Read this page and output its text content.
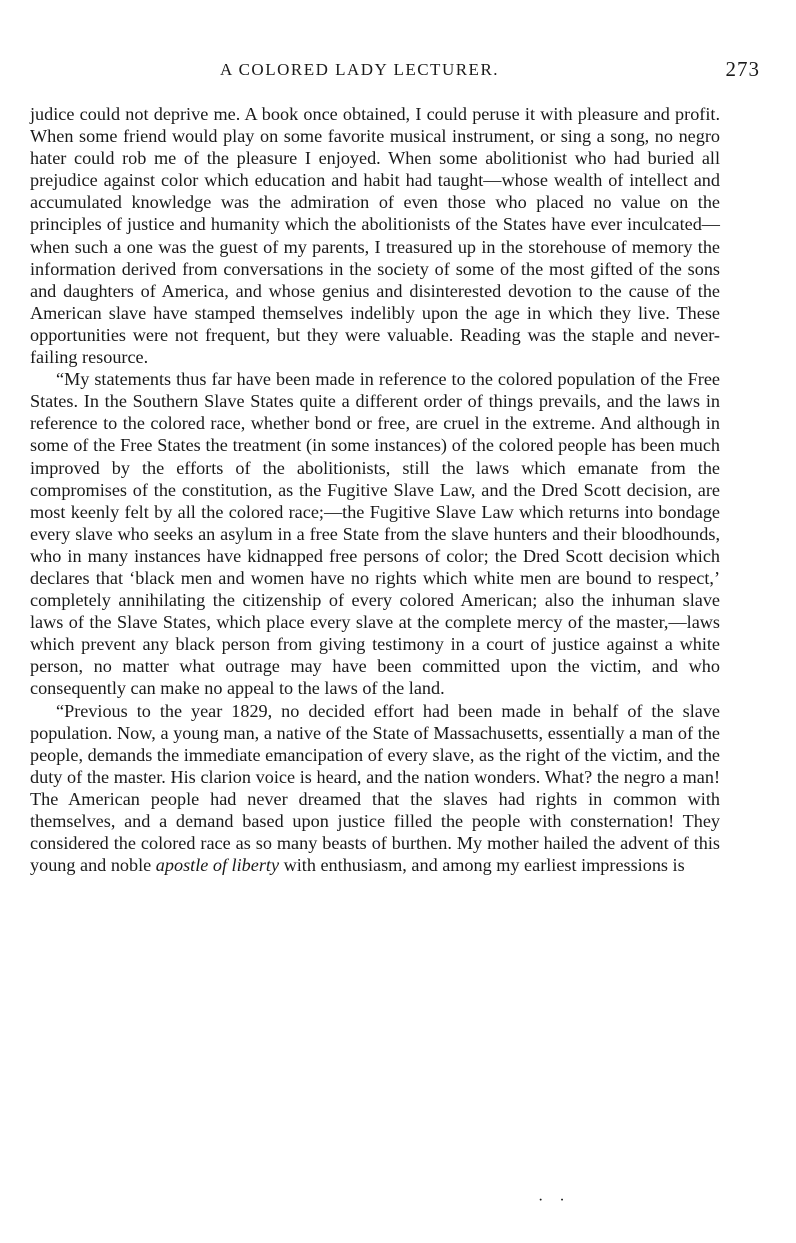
A COLORED LADY LECTURER.	273

judice could not deprive me. A book once obtained, I could peruse it with pleasure and profit. When some friend would play on some favorite musical instrument, or sing a song, no negro hater could rob me of the pleasure I enjoyed. When some abolitionist who had buried all prejudice against color which education and habit had taught—whose wealth of intellect and accumulated knowledge was the admiration of even those who placed no value on the principles of justice and humanity which the abolitionists of the States have ever inculcated—when such a one was the guest of my parents, I treasured up in the storehouse of memory the information derived from conversations in the society of some of the most gifted of the sons and daughters of America, and whose genius and disinterested devotion to the cause of the American slave have stamped themselves indelibly upon the age in which they live. These opportunities were not frequent, but they were valuable. Reading was the staple and never-failing resource.

“My statements thus far have been made in reference to the colored population of the Free States. In the Southern Slave States quite a different order of things prevails, and the laws in reference to the colored race, whether bond or free, are cruel in the extreme. And although in some of the Free States the treatment (in some instances) of the colored people has been much improved by the efforts of the abolitionists, still the laws which emanate from the compromises of the constitution, as the Fugitive Slave Law, and the Dred Scott decision, are most keenly felt by all the colored race;—the Fugitive Slave Law which returns into bondage every slave who seeks an asylum in a free State from the slave hunters and their bloodhounds, who in many instances have kidnapped free persons of color; the Dred Scott decision which declares that ‘black men and women have no rights which white men are bound to respect,’ completely annihilating the citizenship of every colored American; also the inhuman slave laws of the Slave States, which place every slave at the complete mercy of the master,—laws which prevent any black person from giving testimony in a court of justice against a white person, no matter what outrage may have been committed upon the victim, and who consequently can make no appeal to the laws of the land.

“Previous to the year 1829, no decided effort had been made in behalf of the slave population. Now, a young man, a native of the State of Massachusetts, essentially a man of the people, demands the immediate emancipation of every slave, as the right of the victim, and the duty of the master. His clarion voice is heard, and the nation wonders. What? the negro a man! The American people had never dreamed that the slaves had rights in common with themselves, and a demand based upon justice filled the people with consternation! They considered the colored race as so many beasts of burthen. My mother hailed the advent of this young and noble apostle of liberty with enthusiasm, and among my earliest impressions is

· ·
